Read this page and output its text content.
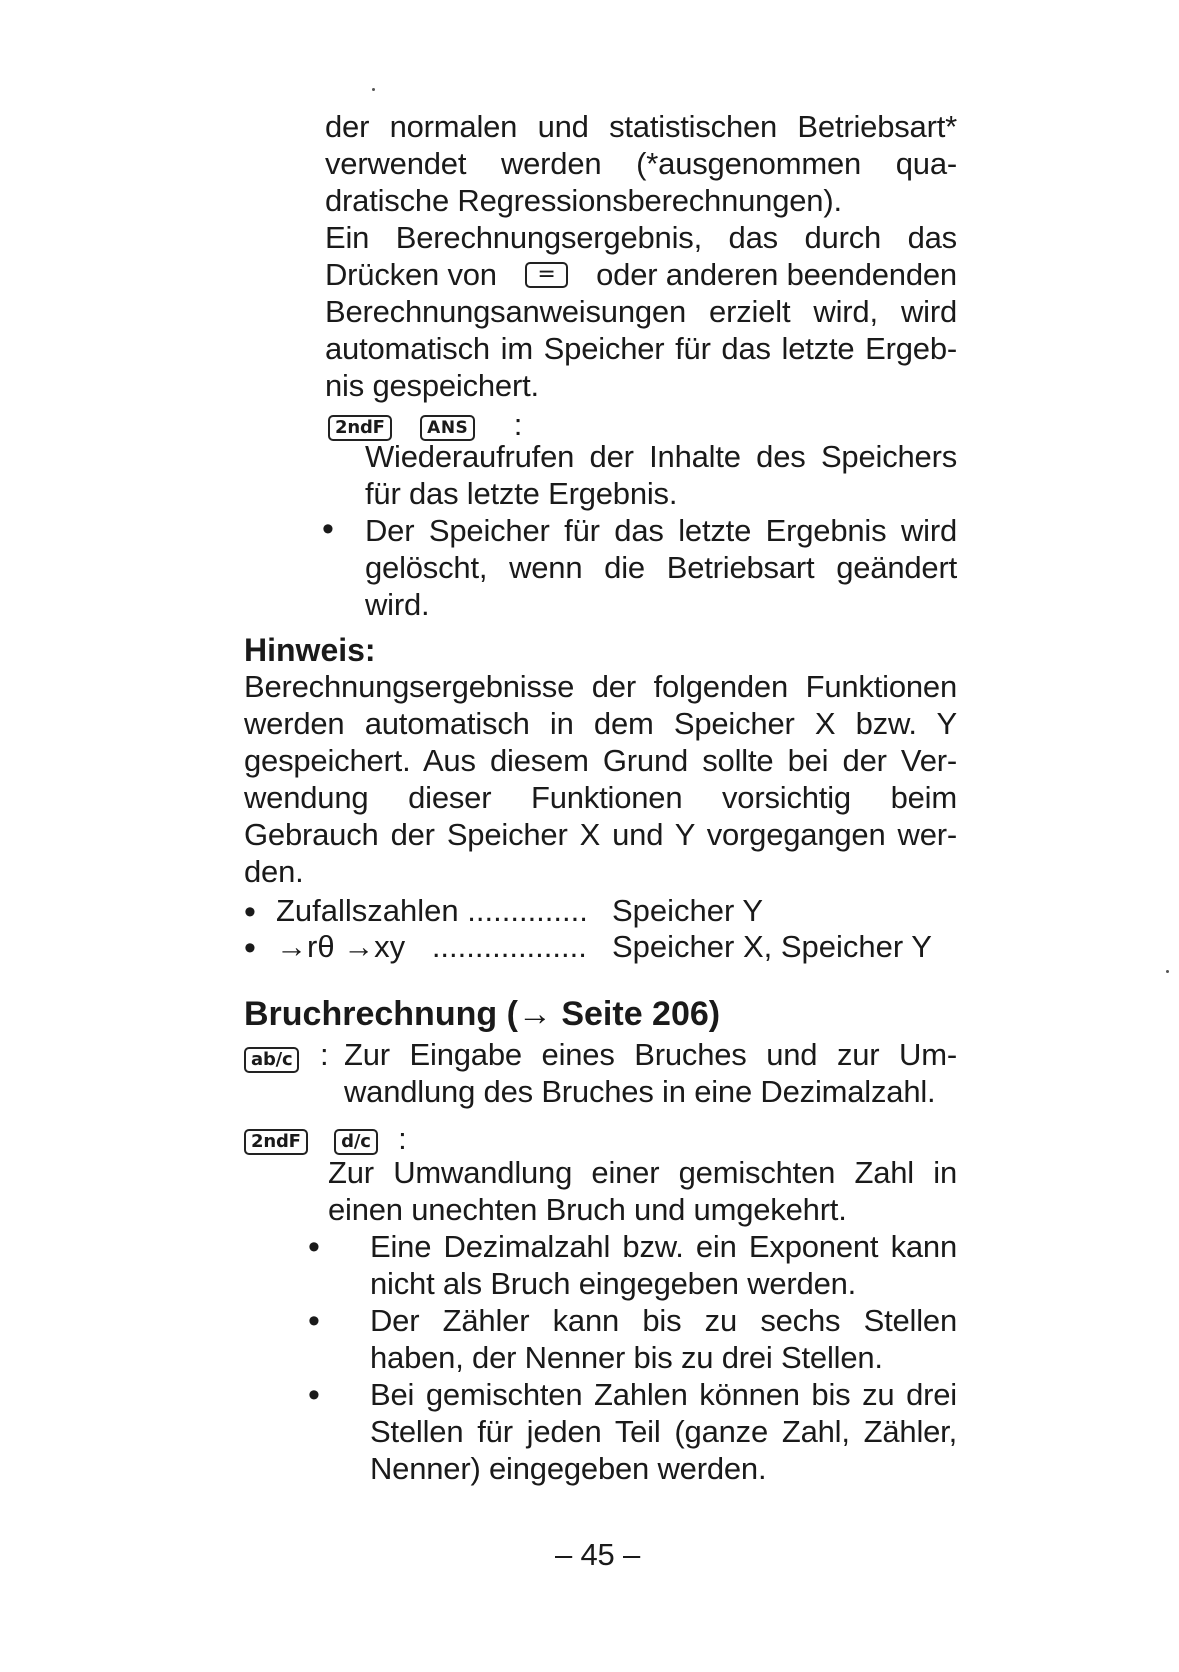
der normalen und statistischen Betriebsart*
verwendet werden (*ausgenommen qua-
dratische Regressionsberechnungen).
Ein Berechnungsergebnis, das durch das
Drücken von	=	oder anderen beendenden
Berechnungsanweisungen erzielt wird, wird
automatisch im Speicher für das letzte Ergeb-
nis gespeichert.
2ndF ANS :
Wiederaufrufen der Inhalte des Speichers
für das letzte Ergebnis.
• Der Speicher für das letzte Ergebnis wird
gelöscht, wenn die Betriebsart geändert
wird.
Hinweis:
Berechnungsergebnisse der folgenden Funktionen
werden automatisch in dem Speicher X bzw. Y
gespeichert. Aus diesem Grund sollte bei der Ver-
wendung dieser Funktionen vorsichtig beim
Gebrauch der Speicher X und Y vorgegangen wer-
den.
• Zufallszahlen .............. Speicher Y
• →rθ →xy .................. Speicher X, Speicher Y
Bruchrechnung (→ Seite 206)
ab/c : Zur Eingabe eines Bruches und zur Um-
wandlung des Bruches in eine Dezimalzahl.
2ndF d/c :
Zur Umwandlung einer gemischten Zahl in
einen unechten Bruch und umgekehrt.
• Eine Dezimalzahl bzw. ein Exponent kann
nicht als Bruch eingegeben werden.
• Der Zähler kann bis zu sechs Stellen
haben, der Nenner bis zu drei Stellen.
• Bei gemischten Zahlen können bis zu drei
Stellen für jeden Teil (ganze Zahl, Zähler,
Nenner) eingegeben werden.
– 45 –
